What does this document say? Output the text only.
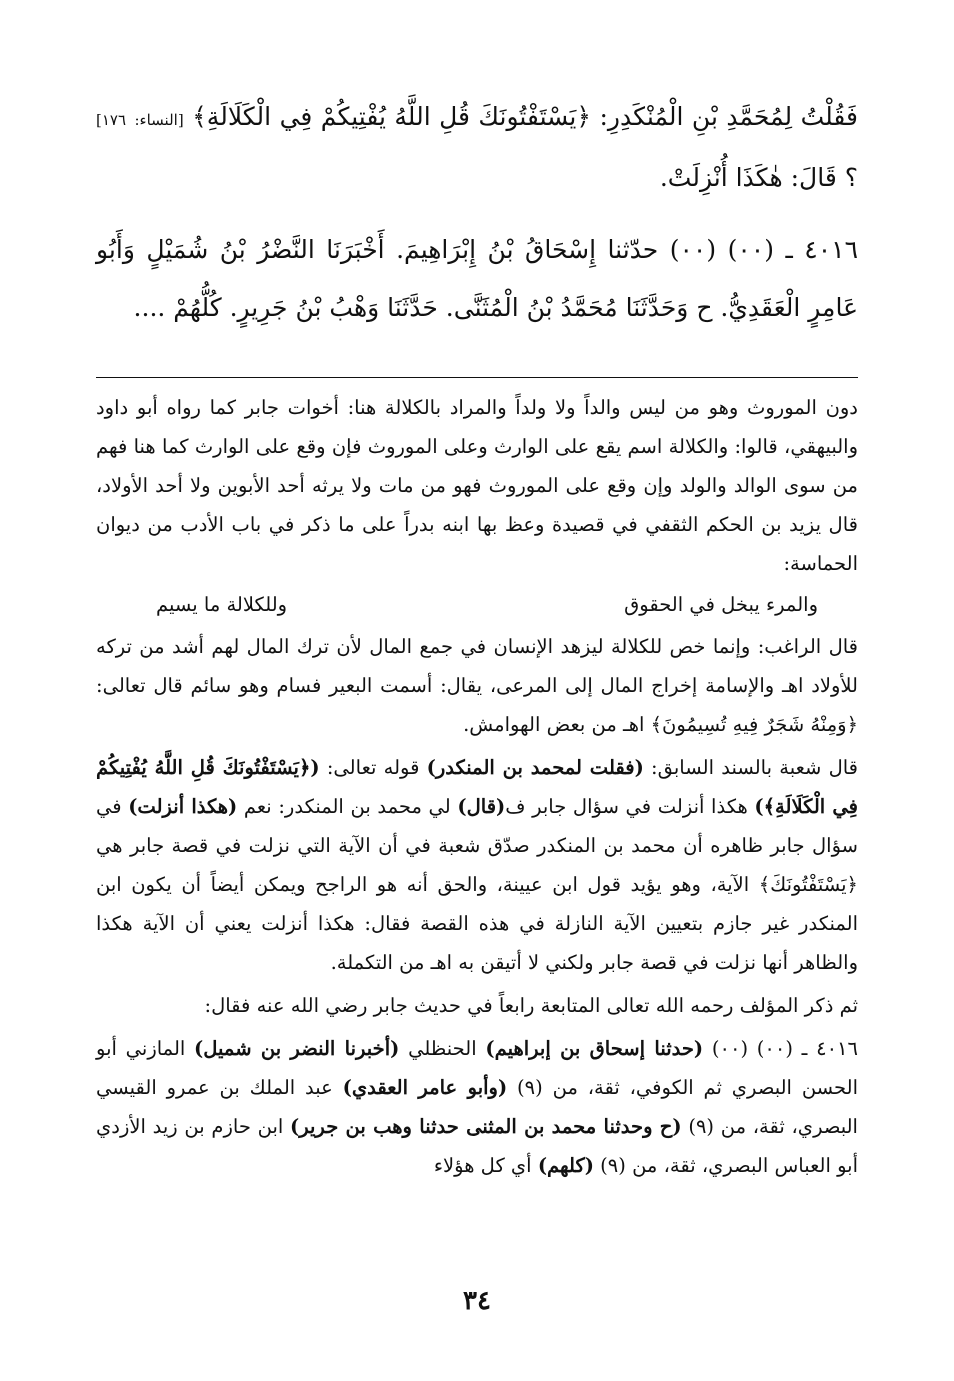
فَقُلْتُ لِمُحَمَّدِ بْنِ الْمُنْكَدِرِ: ﴿يَسْتَفْتُونَكَ قُلِ اللَّهُ يُفْتِيكُمْ فِي الْكَلَالَةِ﴾ [النساء: ١٧٦] ؟ قَالَ: هٰكَذَا أُنْزِلَتْ.

٤٠١٦ ـ (٠٠) (٠٠) حدّثنا إِسْحَاقُ بْنُ إِبْرَاهِيمَ. أَخْبَرَنَا النَّضْرُ بْنُ شُمَيْلٍ وَأَبُو عَامِرٍ الْعَقَدِيُّ. ح وَحَدَّثَنَا مُحَمَّدُ بْنُ الْمُثَنَّى. حَدَّثَنَا وَهْبُ بْنُ جَرِيرٍ. كُلُّهُمْ ....

دون الموروث وهو من ليس والداً ولا ولداً والمراد بالكلالة هنا: أخوات جابر كما رواه أبو داود والبيهقي، قالوا: والكلالة اسم يقع على الوارث وعلى الموروث فإن وقع على الوارث كما هنا فهم من سوى الوالد والولد وإن وقع على الموروث فهو من مات ولا يرثه أحد الأبوين ولا أحد الأولاد، قال يزيد بن الحكم الثقفي في قصيدة وعظ بها ابنه بدراً على ما ذكر في باب الأدب من ديوان الحماسة:

والمرء يبخل في الحقوق
وللكلالة ما يسيم

قال الراغب: وإنما خص للكلالة ليزهد الإنسان في جمع المال لأن ترك المال لهم أشد من تركه للأولاد اهـ والإسامة إخراج المال إلى المرعى، يقال: أسمت البعير فسام وهو سائم قال تعالى: ﴿وَمِنْهُ شَجَرٌ فِيهِ تُسِيمُونَ﴾ اهـ من بعض الهوامش.

قال شعبة بالسند السابق: (فقلت لمحمد بن المنكدر) قوله تعالى: (﴿يَسْتَفْتُونَكَ قُلِ اللَّهُ يُفْتِيكُمْ فِي الْكَلَالَةِ﴾) هكذا أنزلت في سؤال جابر ف(قال) لي محمد بن المنكدر: نعم (هكذا أنزلت) في سؤال جابر ظاهره أن محمد بن المنكدر صدّق شعبة في أن الآية التي نزلت في قصة جابر هي ﴿يَسْتَفْتُونَكَ﴾ الآية، وهو يؤيد قول ابن عيينة، والحق أنه هو الراجح ويمكن أيضاً أن يكون ابن المنكدر غير جازم بتعيين الآية النازلة في هذه القصة فقال: هكذا أنزلت يعني أن الآية هكذا والظاهر أنها نزلت في قصة جابر ولكني لا أتيقن به اهـ من التكملة.

ثم ذكر المؤلف رحمه الله تعالى المتابعة رابعاً في حديث جابر رضي الله عنه فقال:

٤٠١٦ ـ (٠٠) (٠٠) (حدثنا إسحاق بن إبراهيم) الحنظلي (أخبرنا النضر بن شميل) المازني أبو الحسن البصري ثم الكوفي، ثقة، من (٩) (وأبو عامر العقدي) عبد الملك بن عمرو القيسي البصري، ثقة، من (٩) (ح وحدثنا محمد بن المثنى حدثنا وهب بن جرير) ابن حازم بن زيد الأزدي أبو العباس البصري، ثقة، من (٩) (كلهم) أي كل هؤلاء

٣٤
